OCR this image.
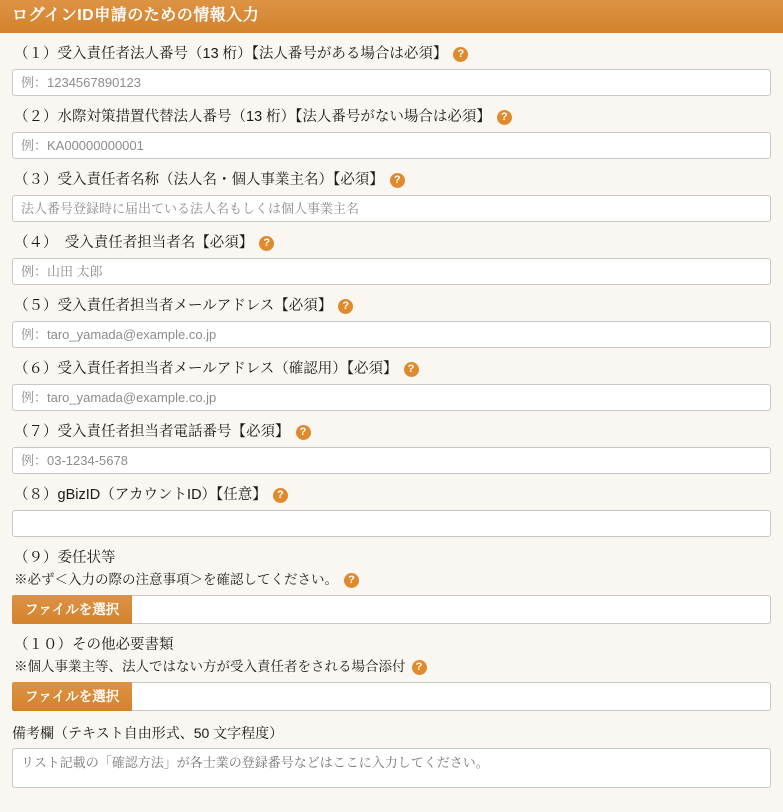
ログインID申請のための情報入力
（１）受入責任者法人番号（13 桁）【法人番号がある場合は必須】 ?
例：1234567890123
（２）水際対策措置代替法人番号（13 桁）【法人番号がない場合は必須】 ?
例：KA00000000001
（３）受入責任者名称（法人名・個人事業主名）【必須】 ?
法人番号登録時に届出ている法人名もしくは個人事業主名
（４）　受入責任者担当者名【必須】 ?
例：山田 太郎
（５）受入責任者担当者メールアドレス【必須】 ?
例：taro_yamada@example.co.jp
（６）受入責任者担当者メールアドレス（確認用）【必須】 ?
例：taro_yamada@example.co.jp
（７）受入責任者担当者電話番号【必須】 ?
例：03-1234-5678
（８）gBizID（アカウントID）【任意】 ?
（９）委任状等
※必ず＜入力の際の注意事項＞を確認してください。 ?
ファイルを選択
（１０）その他必要書類
※個人事業主等、法人ではない方が受入責任者をされる場合添付 ?
ファイルを選択
備考欄（テキスト自由形式、50 文字程度）
リスト記載の「確認方法」が各士業の登録番号などはここに入力してください。
